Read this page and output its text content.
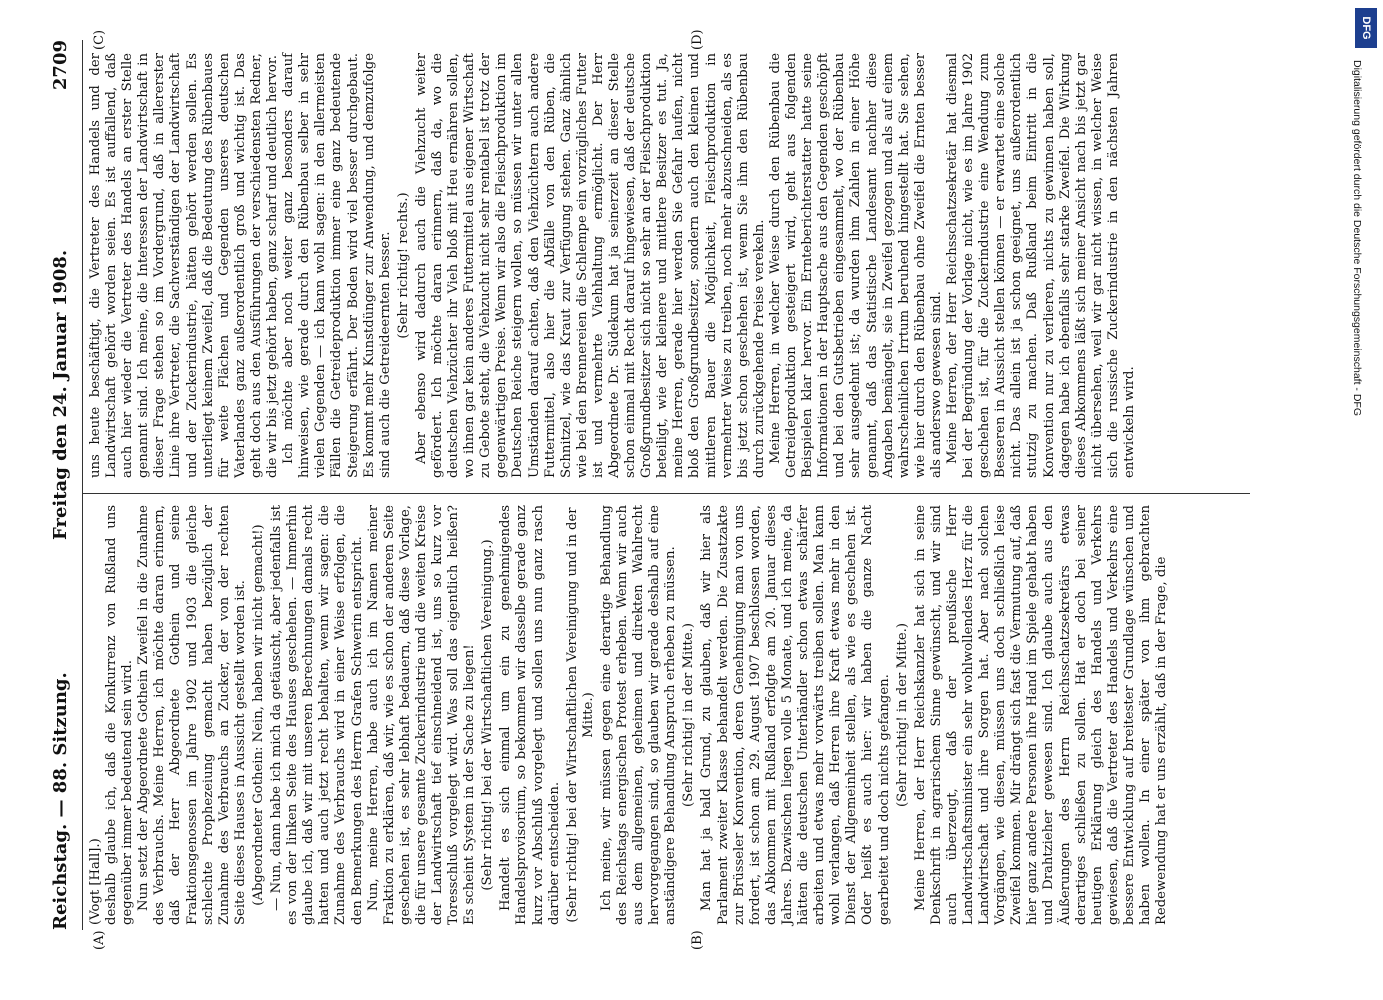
Reichstag. — 88. Sitzung.
Freitag den 24. Januar 1908.
2709
(A)	(B)
(C)	(D)

(Vogt [Hall].) deshalb glaube ich, daß die Konkurrenz von Rußland uns gegenüber immer bedeutend sein wird. Nun setzt der Abgeordnete Gothein Zweifel in die Zunahme des Verbrauchs. Meine Herren, ich möchte daran erinnern, daß der Herr Abgeordnete Gothein und seine Fraktionsgenossen im Jahre 1902 und 1903 die gleiche schlechte Prophezeiung gemacht haben bezüglich der Zunahme des Verbrauchs an Zucker, der von der rechten Seite dieses Hauses in Aussicht gestellt worden ist. (Abgeordneter Gothein: Nein, haben wir nicht gemacht!) — Nun, dann habe ich mich da getäuscht, aber jedenfalls ist es von der linken Seite des Hauses geschehen. — Immerhin glaube ich, daß wir mit unseren Berechnungen damals recht hatten und auch jetzt recht behalten, wenn wir sagen: die Zunahme des Verbrauchs wird in einer Weise erfolgen, die den Bemerkungen des Herrn Grafen Schwerin entspricht. Nun, meine Herren, habe auch ich im Namen meiner Fraktion zu erklären, daß wir, wie es schon der anderen Seite geschehen ist, es sehr lebhaft bedauern, daß diese Vorlage, die für unsere gesamte Zuckerindustrie und die weiten Kreise der Landwirtschaft tief einschneidend ist, uns so kurz vor Toresschluß vorgelegt wird. Was soll das eigentlich heißen? Es scheint System in der Sache zu liegen! (Sehr richtig! bei der Wirtschaftlichen Vereinigung.) Handelt es sich einmal um ein zu genehmigendes Handelsprovisorium, so bekommen wir dasselbe gerade ganz kurz vor Abschluß vorgelegt und sollen uns nun ganz rasch darüber entscheiden. (Sehr richtig! bei der Wirtschaftlichen Vereinigung und in der Mitte.) Ich meine, wir müssen gegen eine derartige Behandlung des Reichstags energischen Protest erheben. Wenn wir auch aus dem allgemeinen, geheimen und direkten Wahlrecht hervorgegangen sind, so glauben wir gerade deshalb auf eine anständigere Behandlung Anspruch erheben zu müssen. (Sehr richtig! in der Mitte.) Man hat ja bald Grund, zu glauben, daß wir hier als Parlament zweiter Klasse behandelt werden. Die Zusatzakte zur Brüsseler Konvention, deren Genehmigung man von uns fordert, ist schon am 29. August 1907 beschlossen worden, das Abkommen mit Rußland erfolgte am 20. Januar dieses Jahres. Dazwischen liegen volle 5 Monate, und ich meine, da hätten die deutschen Unterhändler schon etwas schärfer arbeiten und etwas mehr vorwärts treiben sollen. Man kann wohl verlangen, daß Herren ihre Kraft etwas mehr in den Dienst der Allgemeinheit stellen, als wie es geschehen ist. Oder heißt es auch hier: wir haben die ganze Nacht gearbeitet und doch nichts gefangen. (Sehr richtig! in der Mitte.) Meine Herren, der Herr Reichskanzler hat sich in seine Denkschrift in agrarischem Sinne gewünscht, und wir sind auch überzeugt, daß der preußische Herr Landwirtschaftsminister ein sehr wohlwollendes Herz für die Landwirtschaft und ihre Sorgen hat. Aber nach solchen Vorgängen, wie diesen, müssen uns doch schließlich leise Zweifel kommen. Mir drängt sich fast die Vermutung auf, daß hier ganz andere Personen ihre Hand im Spiele gehabt haben und Drahtzieher gewesen sind. Ich glaube auch aus den Äußerungen des Herrn Reichsschatzsekretärs etwas derartiges schließen zu sollen. Hat er doch bei seiner heutigen Erklärung gleich des Handels und Verkehrs gewiesen, daß die Vertreter des Handels und Verkehrs eine bessere Entwicklung auf breitester Grundlage wünschen und haben wollen. In einer später von ihm gebrachten Redewendung hat er uns erzählt, daß in der Frage, die

uns heute beschäftigt, die Vertreter des Handels und der Landwirtschaft gehört worden seien. Es ist auffallend, daß auch hier wieder die Vertreter des Handels an erster Stelle genannt sind. Ich meine, die Interessen der Landwirtschaft in dieser Frage stehen so im Vordergrund, daß in allererster Linie ihre Vertreter, die Sachverständigen der Landwirtschaft und der Zuckerindustrie, hätten gehört werden sollen. Es unterliegt keinem Zweifel, daß die Bedeutung des Rübenbaues für weite Flächen und Gegenden unseres deutschen Vaterlandes ganz außerordentlich groß und wichtig ist. Das geht doch aus den Ausführungen der verschiedensten Redner, die wir bis jetzt gehört haben, ganz scharf und deutlich hervor. Ich möchte aber noch weiter ganz besonders darauf hinweisen, wie gerade durch den Rübenbau selber in sehr vielen Gegenden — ich kann wohl sagen: in den allermeisten Fällen die Getreideproduktion immer eine ganz bedeutende Steigerung erfährt. Der Boden wird viel besser durchgebaut. Es kommt mehr Kunstdünger zur Anwendung, und demzufolge sind auch die Getreideernten besser. (Sehr richtig! rechts.) Aber ebenso wird dadurch auch die Viehzucht weiter gefördert. Ich möchte daran erinnern, daß da, wo die deutschen Viehzüchter ihr Vieh bloß mit Heu ernähren sollen, wo ihnen gar kein anderes Futtermittel aus eigener Wirtschaft zu Gebote steht, die Viehzucht nicht sehr rentabel ist trotz der gegenwärtigen Preise. Wenn wir also die Fleischproduktion im Deutschen Reiche steigern wollen, so müssen wir unter allen Umständen darauf achten, daß den Viehzüchtern auch andere Futtermittel, also hier die Abfälle von den Rüben, die Schnitzel, wie das Kraut zur Verfügung stehen. Ganz ähnlich wie bei den Brennereien die Schlempe ein vorzügliches Futter ist und vermehrte Viehhaltung ermöglicht. Der Herr Abgeordnete Dr. Südekum hat ja seinerzeit an dieser Stelle schon einmal mit Recht darauf hingewiesen, daß der deutsche Großgrundbesitzer sich nicht so sehr an der Fleischproduktion beteiligt, wie der kleinere und mittlere Besitzer es tut. Ja, meine Herren, gerade hier werden Sie Gefahr laufen, nicht bloß den Großgrundbesitzer, sondern auch den kleinen und mittleren Bauer die Möglichkeit, Fleischproduktion in vermehrter Weise zu treiben, noch mehr abzuschneiden, als es bis jetzt schon geschehen ist, wenn Sie ihm den Rübenbau durch zurückgehende Preise verekeln. Meine Herren, in welcher Weise durch den Rübenbau die Getreideproduktion gesteigert wird, geht aus folgenden Beispielen klar hervor. Ein Ernteberichterstatter hatte seine Informationen in der Hauptsache aus den Gegenden geschöpft und bei den Gutsbetrieben eingesammelt, wo der Rübenbau sehr ausgedehnt ist; da wurden ihm Zahlen in einer Höhe genannt, daß das Statistische Landesamt nachher diese Angaben bemängelt, sie in Zweifel gezogen und als auf einem wahrscheinlichen Irrtum beruhend hingestellt hat. Sie sehen, wie hier durch den Rübenbau ohne Zweifel die Ernten besser als anderswo gewesen sind. Meine Herren, der Herr Reichsschatzsekretär hat diesmal bei der Begründung der Vorlage nicht, wie es im Jahre 1902 geschehen ist, für die Zuckerindustrie eine Wendung zum Besseren in Aussicht stellen können — er erwartet eine solche nicht. Das allein ist ja schon geeignet, uns außerordentlich stutzig zu machen. Daß Rußland beim Eintritt in die Konvention nur zu verlieren, nichts zu gewinnen haben soll, dagegen habe ich ebenfalls sehr starke Zweifel. Die Wirkung dieses Abkommens läßt sich meiner Ansicht nach bis jetzt gar nicht übersehen, weil wir gar nicht wissen, in welcher Weise sich die russische Zuckerindustrie in den nächsten Jahren entwickeln wird.

DFG
Digitalisierung gefördert durch die Deutsche Forschungsgemeinschaft - DFG
